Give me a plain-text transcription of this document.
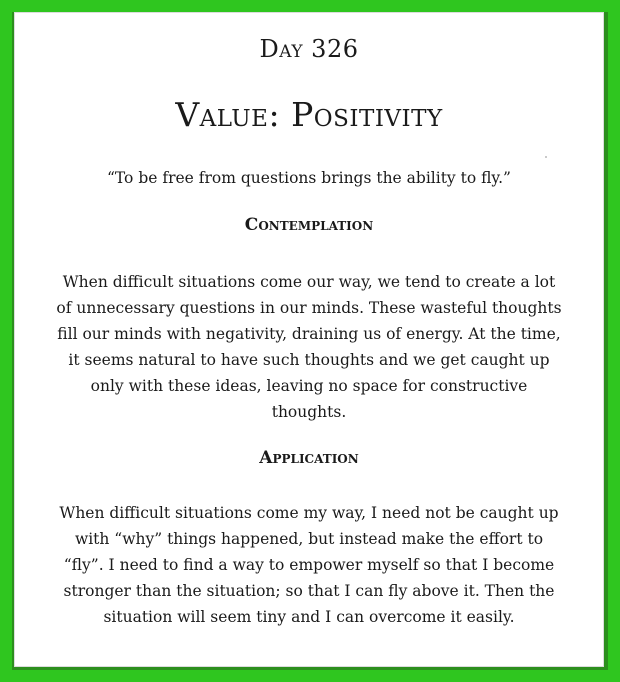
Day 326
Value: Positivity
“To be free from questions brings the ability to fly.”
Contemplation
When difficult situations come our way, we tend to create a lot of unnecessary questions in our minds. These wasteful thoughts fill our minds with negativity, draining us of energy. At the time, it seems natural to have such thoughts and we get caught up only with these ideas, leaving no space for constructive thoughts.
Application
When difficult situations come my way, I need not be caught up with “why” things happened, but instead make the effort to “fly”. I need to find a way to empower myself so that I become stronger than the situation; so that I can fly above it. Then the situation will seem tiny and I can overcome it easily.
